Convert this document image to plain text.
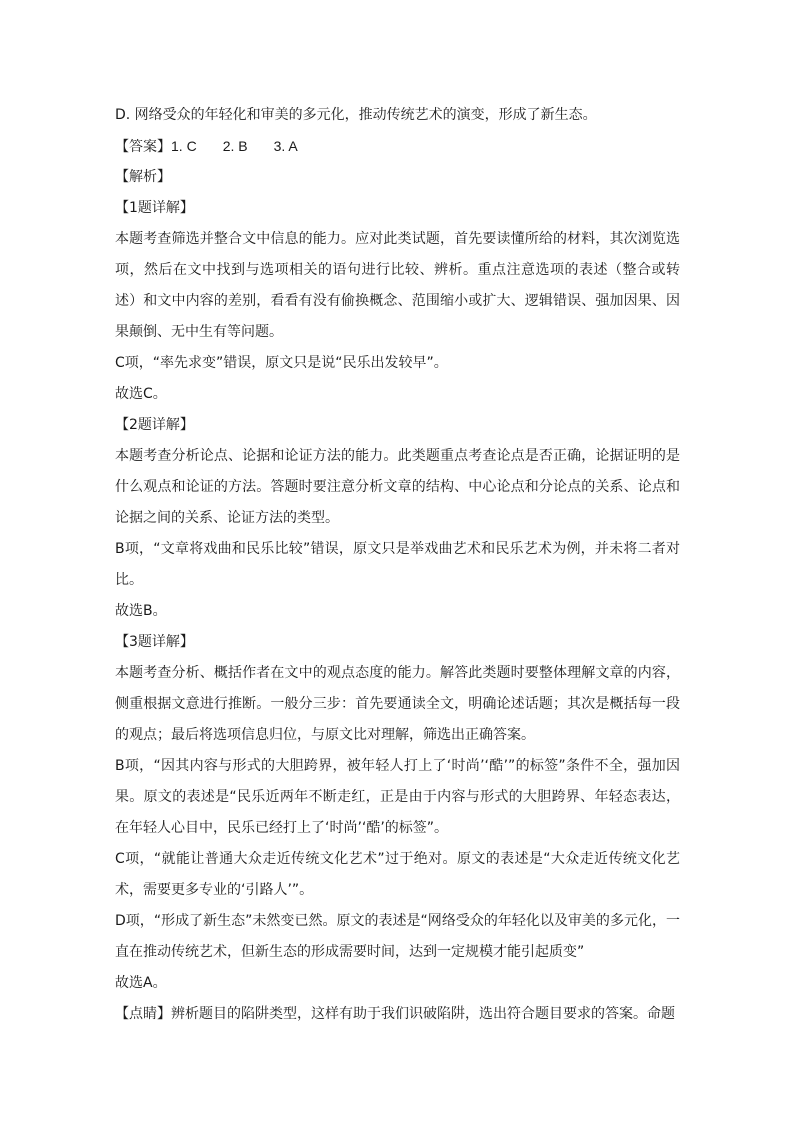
D. 网络受众的年轻化和审美的多元化，推动传统艺术的演变，形成了新生态。
【答案】1. C 2. B 3. A
【解析】
【1题详解】
本题考查筛选并整合文中信息的能力。应对此类试题，首先要读懂所给的材料，其次浏览选项，然后在文中找到与选项相关的语句进行比较、辨析。重点注意选项的表述（整合或转述）和文中内容的差别，看看有没有偷换概念、范围缩小或扩大、逻辑错误、强加因果、因果颠倒、无中生有等问题。
C项，“率先求变”错误，原文只是说“民乐出发较早”。
故选C。
【2题详解】
本题考查分析论点、论据和论证方法的能力。此类题重点考查论点是否正确，论据证明的是什么观点和论证的方法。答题时要注意分析文章的结构、中心论点和分论点的关系、论点和论据之间的关系、论证方法的类型。
B项，“文章将戏曲和民乐比较”错误，原文只是举戏曲艺术和民乐艺术为例，并未将二者对比。
故选B。
【3题详解】
本题考查分析、概括作者在文中的观点态度的能力。解答此类题时要整体理解文章的内容，侧重根据文意进行推断。一般分三步：首先要通读全文，明确论述话题；其次是概括每一段的观点；最后将选项信息归位，与原文比对理解，筛选出正确答案。
B项，“因其内容与形式的大胆跨界，被年轻人打上了‘时尚’‘酷’”的标签”条件不全，强加因果。原文的表述是“民乐近两年不断走红，正是由于内容与形式的大胆跨界、年轻态表达，在年轻人心目中，民乐已经打上了‘时尚’‘酷’的标签”。
C项，“就能让普通大众走近传统文化艺术”过于绝对。原文的表述是“大众走近传统文化艺术，需要更多专业的‘引路人’”。
D项，“形成了新生态”未然变已然。原文的表述是“网络受众的年轻化以及审美的多元化，一直在推动传统艺术，但新生态的形成需要时间，达到一定规模才能引起质变”
故选A。
【点睛】辨析题目的陷阱类型，这样有助于我们识破陷阱，选出符合题目要求的答案。命题
